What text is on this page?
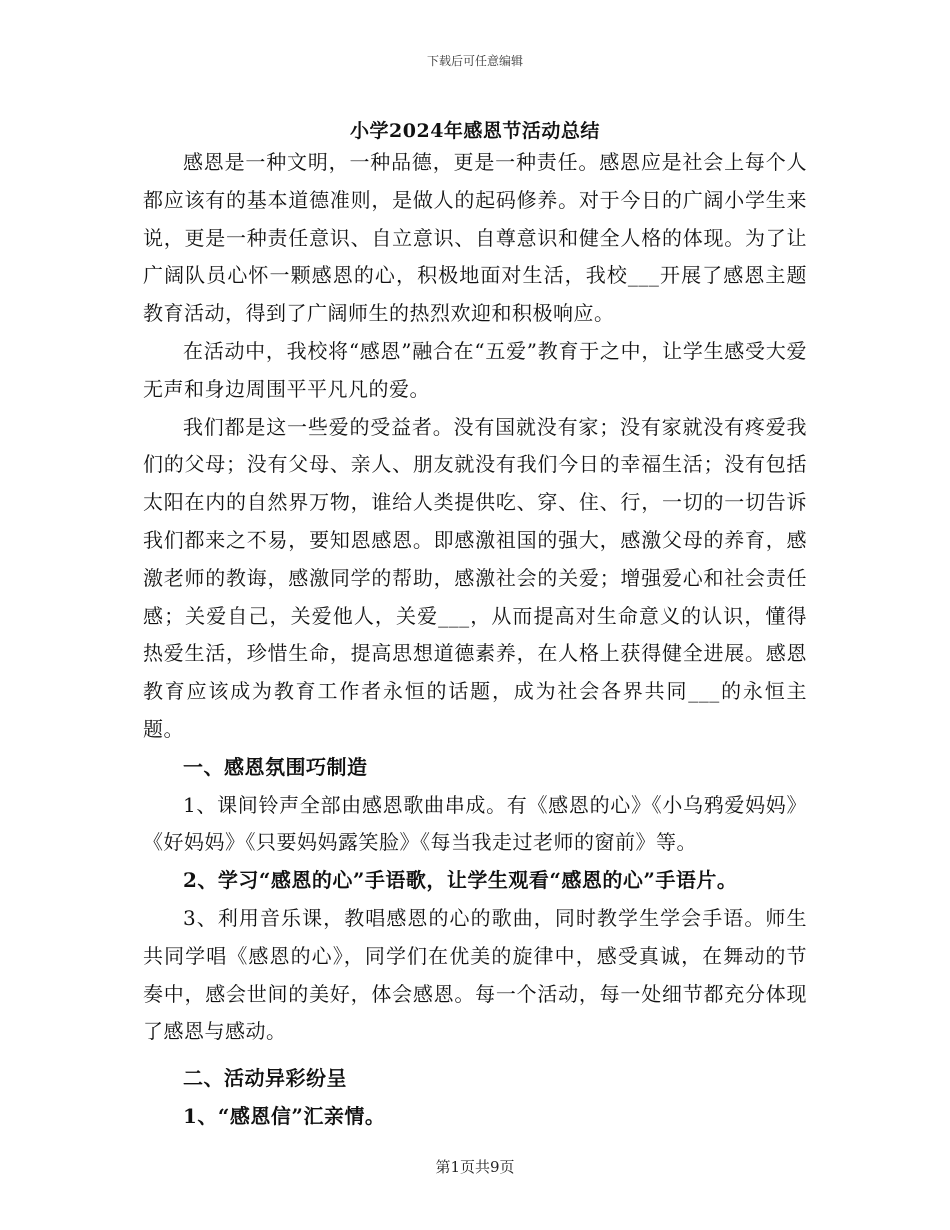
下载后可任意编辑
小学2024年感恩节活动总结

感恩是一种文明，一种品德，更是一种责任。感恩应是社会上每个人都应该有的基本道德准则，是做人的起码修养。对于今日的广阔小学生来说，更是一种责任意识、自立意识、自尊意识和健全人格的体现。为了让广阔队员心怀一颗感恩的心，积极地面对生活，我校___开展了感恩主题教育活动，得到了广阔师生的热烈欢迎和积极响应。

在活动中，我校将“感恩”融合在“五爱”教育于之中，让学生感受大爱无声和身边周围平平凡凡的爱。

我们都是这一些爱的受益者。没有国就没有家；没有家就没有疼爱我们的父母；没有父母、亲人、朋友就没有我们今日的幸福生活；没有包括太阳在内的自然界万物，谁给人类提供吃、穿、住、行，一切的一切告诉我们都来之不易，要知恩感恩。即感激祖国的强大，感激父母的养育，感激老师的教诲，感激同学的帮助，感激社会的关爱；增强爱心和社会责任感；关爱自己，关爱他人，关爱___，从而提高对生命意义的认识，懂得热爱生活，珍惜生命，提高思想道德素养，在人格上获得健全进展。感恩教育应该成为教育工作者永恒的话题，成为社会各界共同___的永恒主题。

一、感恩氛围巧制造

1、课间铃声全部由感恩歌曲串成。有《感恩的心》《小乌鸦爱妈妈》《好妈妈》《只要妈妈露笑脸》《每当我走过老师的窗前》等。

2、学习“感恩的心”手语歌，让学生观看“感恩的心”手语片。

3、利用音乐课，教唱感恩的心的歌曲，同时教学生学会手语。师生共同学唱《感恩的心》，同学们在优美的旋律中，感受真诚，在舞动的节奏中，感会世间的美好，体会感恩。每一个活动，每一处细节都充分体现了感恩与感动。

二、活动异彩纷呈

1、“感恩信”汇亲情。

第1页共9页
